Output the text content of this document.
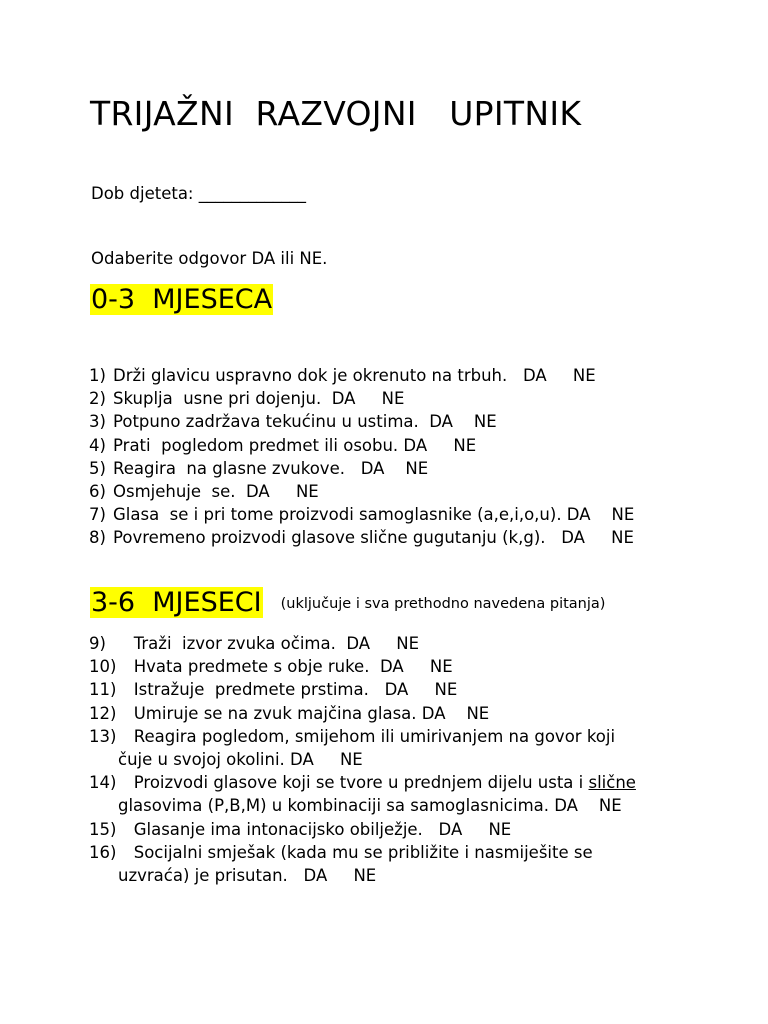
TRIJAŽNI  RAZVOJNI   UPITNIK
Dob djeteta: _____________
Odaberite odgovor DA ili NE.
0-3  MJESECA
1) Drži glavicu uspravno dok je okrenuto na trbuh.   DA     NE
2) Skuplja  usne pri dojenju.  DA     NE
3) Potpuno zadržava tekućinu u ustima.  DA    NE
4) Prati  pogledom predmet ili osobu. DA     NE
5) Reagira  na glasne zvukove.   DA    NE
6) Osmjehuje  se.  DA     NE
7) Glasa  se i pri tome proizvodi samoglasnike (a,e,i,o,u). DA    NE
8) Povremeno proizvodi glasove slične gugutanju (k,g).   DA     NE
3-6  MJESECI (uključuje i sva prethodno navedena pitanja)
9) Traži  izvor zvuka očima.  DA     NE
10) Hvata predmete s obje ruke.  DA     NE
11) Istražuje  predmete prstima.   DA     NE
12) Umiruje se na zvuk majčina glasa. DA    NE
13) Reagira pogledom, smijehom ili umirivanjem na govor koji
čuje u svojoj okolini. DA     NE
14) Proizvodi glasove koji se tvore u prednjem dijelu usta i slične
glasovima (P,B,M) u kombinaciji sa samoglasnicima. DA    NE
15) Glasanje ima intonacijsko obilježje.   DA     NE
16) Socijalni smješak (kada mu se približite i nasmiješite se
uzvraća) je prisutan.   DA     NE
